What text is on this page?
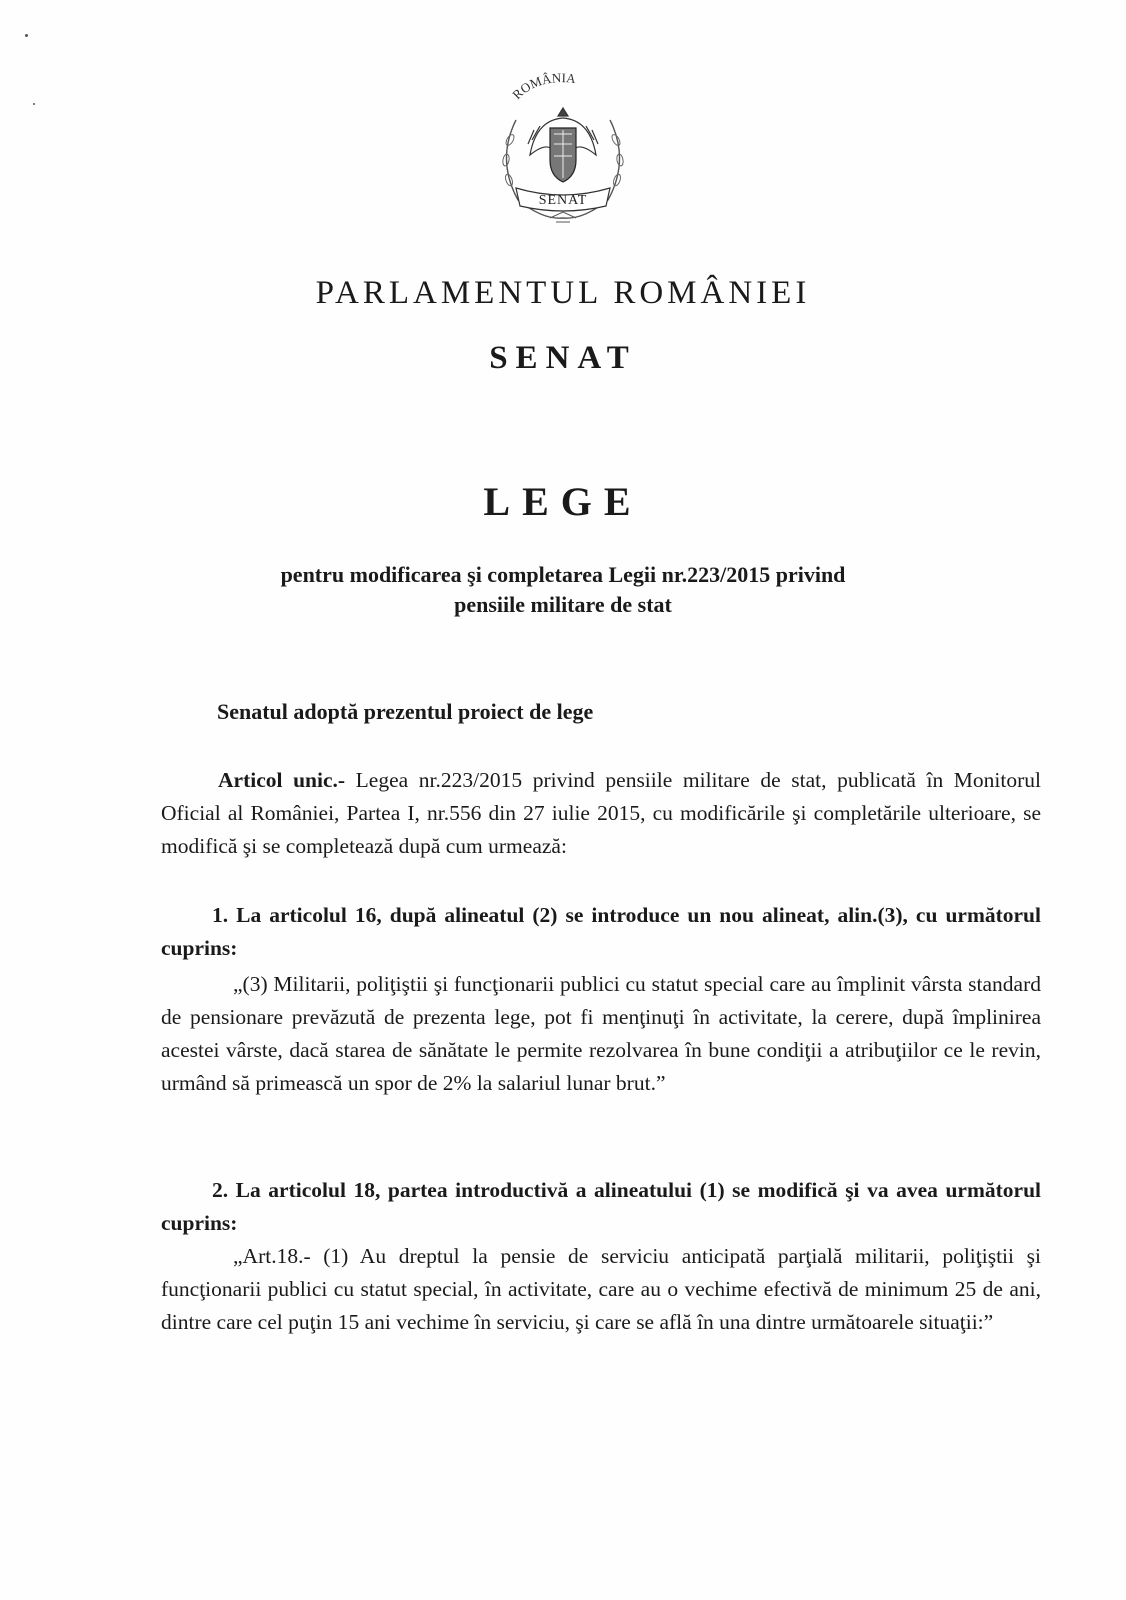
ROMÂNIA
SENAT
PARLAMENTUL ROMÂNIEI
SENAT
LEGE
pentru modificarea şi completarea Legii nr.223/2015 privind
pensiile militare de stat
Senatul adoptă prezentul proiect de lege
Articol unic.- Legea nr.223/2015 privind pensiile militare de stat, publicată în Monitorul Oficial al României, Partea I, nr.556 din 27 iulie 2015, cu modificările şi completările ulterioare, se modifică şi se completează după cum urmează:
1. La articolul 16, după alineatul (2) se introduce un nou alineat, alin.(3), cu următorul cuprins:
„(3) Militarii, poliţiştii şi funcţionarii publici cu statut special care au împlinit vârsta standard de pensionare prevăzută de prezenta lege, pot fi menţinuţi în activitate, la cerere, după împlinirea acestei vârste, dacă starea de sănătate le permite rezolvarea în bune condiţii a atribuţiilor ce le revin, urmând să primească un spor de 2% la salariul lunar brut.”
2. La articolul 18, partea introductivă a alineatului (1) se modifică şi va avea următorul cuprins:
„Art.18.- (1) Au dreptul la pensie de serviciu anticipată parţială militarii, poliţiştii şi funcţionarii publici cu statut special, în activitate, care au o vechime efectivă de minimum 25 de ani, dintre care cel puţin 15 ani vechime în serviciu, şi care se află în una dintre următoarele situaţii:”
